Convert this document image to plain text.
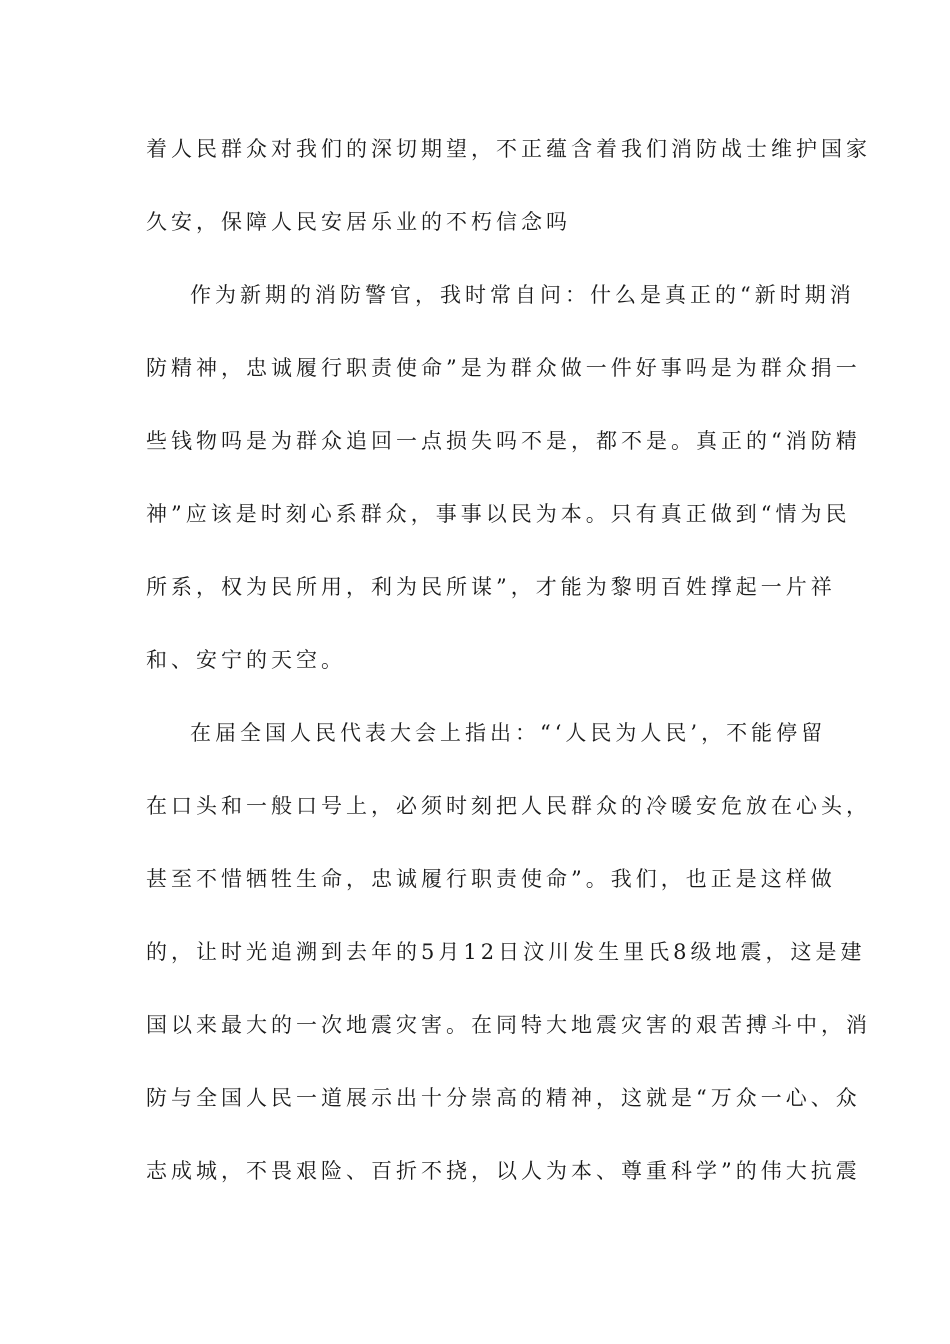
着人民群众对我们的深切期望，不正蕴含着我们消防战士维护国家
久安，保障人民安居乐业的不朽信念吗
作为新期的消防警官，我时常自问：什么是真正的“新时期消
防精神，忠诚履行职责使命”是为群众做一件好事吗是为群众捐一
些钱物吗是为群众追回一点损失吗不是，都不是。真正的“消防精
神”应该是时刻心系群众，事事以民为本。只有真正做到“情为民
所系，权为民所用，利为民所谋”，才能为黎明百姓撑起一片祥
和、安宁的天空。
在届全国人民代表大会上指出：“‘人民为人民’，不能停留
在口头和一般口号上，必须时刻把人民群众的冷暖安危放在心头，
甚至不惜牺牲生命，忠诚履行职责使命”。我们，也正是这样做
的，让时光追溯到去年的5月12日汶川发生里氏8级地震，这是建
国以来最大的一次地震灾害。在同特大地震灾害的艰苦搏斗中，消
防与全国人民一道展示出十分崇高的精神，这就是“万众一心、众
志成城，不畏艰险、百折不挠，以人为本、尊重科学”的伟大抗震
